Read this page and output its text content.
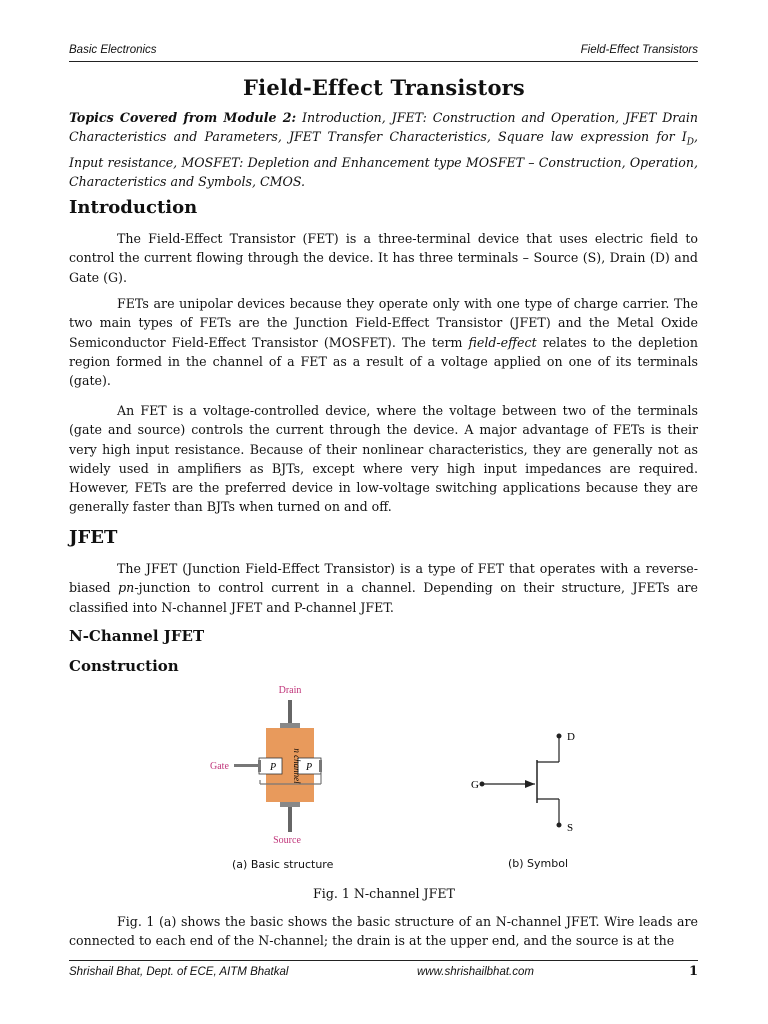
Basic Electronics	Field-Effect Transistors
Field-Effect Transistors
Topics Covered from Module 2: Introduction, JFET: Construction and Operation, JFET Drain Characteristics and Parameters, JFET Transfer Characteristics, Square law expression for $I_D$, Input resistance, MOSFET: Depletion and Enhancement type MOSFET – Construction, Operation, Characteristics and Symbols, CMOS.
Introduction
The Field-Effect Transistor (FET) is a three-terminal device that uses electric field to control the current flowing through the device. It has three terminals – Source (S), Drain (D) and Gate (G).
FETs are unipolar devices because they operate only with one type of charge carrier. The two main types of FETs are the Junction Field-Effect Transistor (JFET) and the Metal Oxide Semiconductor Field-Effect Transistor (MOSFET). The term field-effect relates to the depletion region formed in the channel of a FET as a result of a voltage applied on one of its terminals (gate).
An FET is a voltage-controlled device, where the voltage between two of the terminals (gate and source) controls the current through the device. A major advantage of FETs is their very high input resistance. Because of their nonlinear characteristics, they are generally not as widely used in amplifiers as BJTs, except where very high input impedances are required. However, FETs are the preferred device in low-voltage switching applications because they are generally faster than BJTs when turned on and off.
JFET
The JFET (Junction Field-Effect Transistor) is a type of FET that operates with a reverse-biased pn-junction to control current in a channel. Depending on their structure, JFETs are classified into N-channel JFET and P-channel JFET.
N-Channel JFET
Construction
Drain
Gate
Source
P	P
n channel
(a) Basic structure
D
G
S
(b) Symbol
Fig. 1 N-channel JFET
Fig. 1 (a) shows the basic shows the basic structure of an N-channel JFET. Wire leads are connected to each end of the N-channel; the drain is at the upper end, and the source is at the
Shrishail Bhat, Dept. of ECE, AITM Bhatkal	www.shrishailbhat.com	1
